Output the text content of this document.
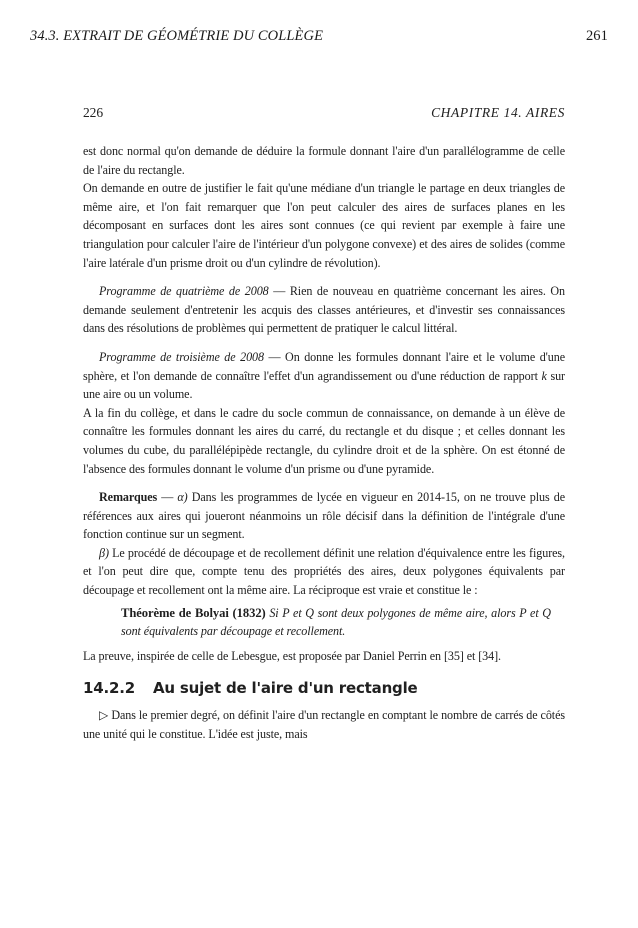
34.3. EXTRAIT DE GÉOMÉTRIE DU COLLÈGE	261
226	CHAPITRE 14. AIRES

est donc normal qu'on demande de déduire la formule donnant l'aire d'un parallélogramme de celle de l'aire du rectangle.

On demande en outre de justifier le fait qu'une médiane d'un triangle le partage en deux triangles de même aire, et l'on fait remarquer que l'on peut calculer des aires de surfaces planes en les décomposant en surfaces dont les aires sont connues (ce qui revient par exemple à faire une triangulation pour calculer l'aire de l'intérieur d'un polygone convexe) et des aires de solides (comme l'aire latérale d'un prisme droit ou d'un cylindre de révolution).

Programme de quatrième de 2008 — Rien de nouveau en quatrième concernant les aires. On demande seulement d'entretenir les acquis des classes antérieures, et d'investir ses connaissances dans des résolutions de problèmes qui permettent de pratiquer le calcul littéral.

Programme de troisième de 2008 — On donne les formules donnant l'aire et le volume d'une sphère, et l'on demande de connaître l'effet d'un agrandissement ou d'une réduction de rapport k sur une aire ou un volume.

A la fin du collège, et dans le cadre du socle commun de connaissance, on demande à un élève de connaître les formules donnant les aires du carré, du rectangle et du disque ; et celles donnant les volumes du cube, du parallélépipède rectangle, du cylindre droit et de la sphère. On est étonné de l'absence des formules donnant le volume d'un prisme ou d'une pyramide.

Remarques — α) Dans les programmes de lycée en vigueur en 2014-15, on ne trouve plus de références aux aires qui joueront néanmoins un rôle décisif dans la définition de l'intégrale d'une fonction continue sur un segment.

β) Le procédé de découpage et de recollement définit une relation d'équivalence entre les figures, et l'on peut dire que, compte tenu des propriétés des aires, deux polygones équivalents par découpage et recollement ont la même aire. La réciproque est vraie et constitue le :

Théorème de Bolyai (1832) Si P et Q sont deux polygones de même aire, alors P et Q sont équivalents par découpage et recollement.

La preuve, inspirée de celle de Lebesgue, est proposée par Daniel Perrin en [35] et [34].

14.2.2 Au sujet de l'aire d'un rectangle

▷ Dans le premier degré, on définit l'aire d'un rectangle en comptant le nombre de carrés de côtés une unité qui le constitue. L'idée est juste, mais
